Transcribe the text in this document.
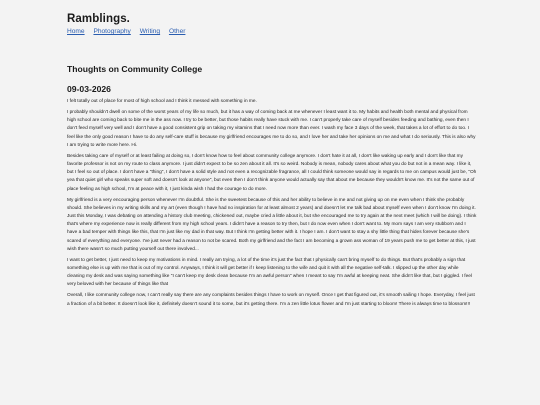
Ramblings.
Home Photography Writing Other
Thoughts on Community College
09-03-2026

I felt totally out of place for most of high school and I think it messed with something in me.

I probably shouldn't dwell on some of the worst years of my life so much, but it has a way of coming back at me whenever I least want it to. My habits and health both mental and physical from high school are coming back to bite me in the ass now. I try to be better, but those habits really have stuck with me. I can't properly take care of myself besides feeding and bathing, even then I don't feed myself very well and I don't have a good consistent grip on taking my vitamins that I need now more than ever. I wash my face 3 days of the week, that takes a lot of effort to do too. I feel like the only good reason I have to do any self-care stuff is because my girlfriend encourages me to do so, and I love her and take her opinions on me and what I do seriously. This is also why I am trying to write more here. Hi.

Besides taking care of myself or at least failing at doing so, I don't know how to feel about community college anymore. I don't hate it at all, I don't like waking up early and I don't like that my favorite professor is not on my route to class anymore. I just didn't expect to be so zen about it all. It's so weird. Nobody is mean, nobody cares about what you do but not in a mean way. I like it, but I feel so out of place. I don't have a "thing", I don't have a solid style and not even a recognizable fragrance, all I could think someone would say in regards to me on campus would just be, "Oh yea that quiet girl who speaks super soft and doesn't look at anyone", but even then I don't think anyone would actually say that about me because they wouldn't know me. It's not the same out of place feeling as high school, I'm at peace with it, I just kinda wish I had the courage to do more.

My girlfriend is a very encouraging person whenever I'm doubtful. She is the sweetest because of this and her ability to believe in me and not giving up on me even when I think she probably should. She believes in my writing skills and my art (even though I have had no inspiration for at least almost 2 years) and doesn't let me talk bad about myself even when I don't know I'm doing it. Just this Monday, I was debating on attending a history club meeting, chickened out, maybe cried a little about it, but she encouraged me to try again at the next meet (which I will be doing). I think that's where my experience now is really different from my high school years. I didn't have a reason to try then, but I do now even when I don't want to. My mom says I am very stubborn and I have a bad temper with things like this, that I'm just like my dad in that way. But I think I'm getting better with it. I hope I am. I don't want to stay a shy little thing that hides forever because she's scared of everything and everyone. I've just never had a reason to not be scared. Both my girlfriend and the fact I am becoming a grown ass woman of 19 years push me to get better at this, I just wish there wasn't so much putting yourself out there involved...

I want to get better, I just need to keep my motivations in mind. I really am trying, a lot of the time it's just the fact that I physically can't bring myself to do things. But that's probably a sign that something else is up with me that is out of my control. Anyways, I think it will get better if I keep listening to the wife and quit it with all the negative self-talk. I slipped up the other day while cleaning my desk and was saying something like "I can't keep my desk clean because I'm an awful person" when I meant to say I'm awful at keeping neat. She didn't like that, but I giggled. I feel very beloved with her because of things like that

Overall, I like community college now, I can't really say there are any complaints besides things I have to work on myself. Once I get that figured out, it's smooth sailing I hope. Everyday, I feel just a fraction of a bit better. It doesn't look like it, definitely doesn't sound it to some, but it's getting there. I'm a zen little lotus flower and I'm just starting to bloom! There is always time to blossom!!!
